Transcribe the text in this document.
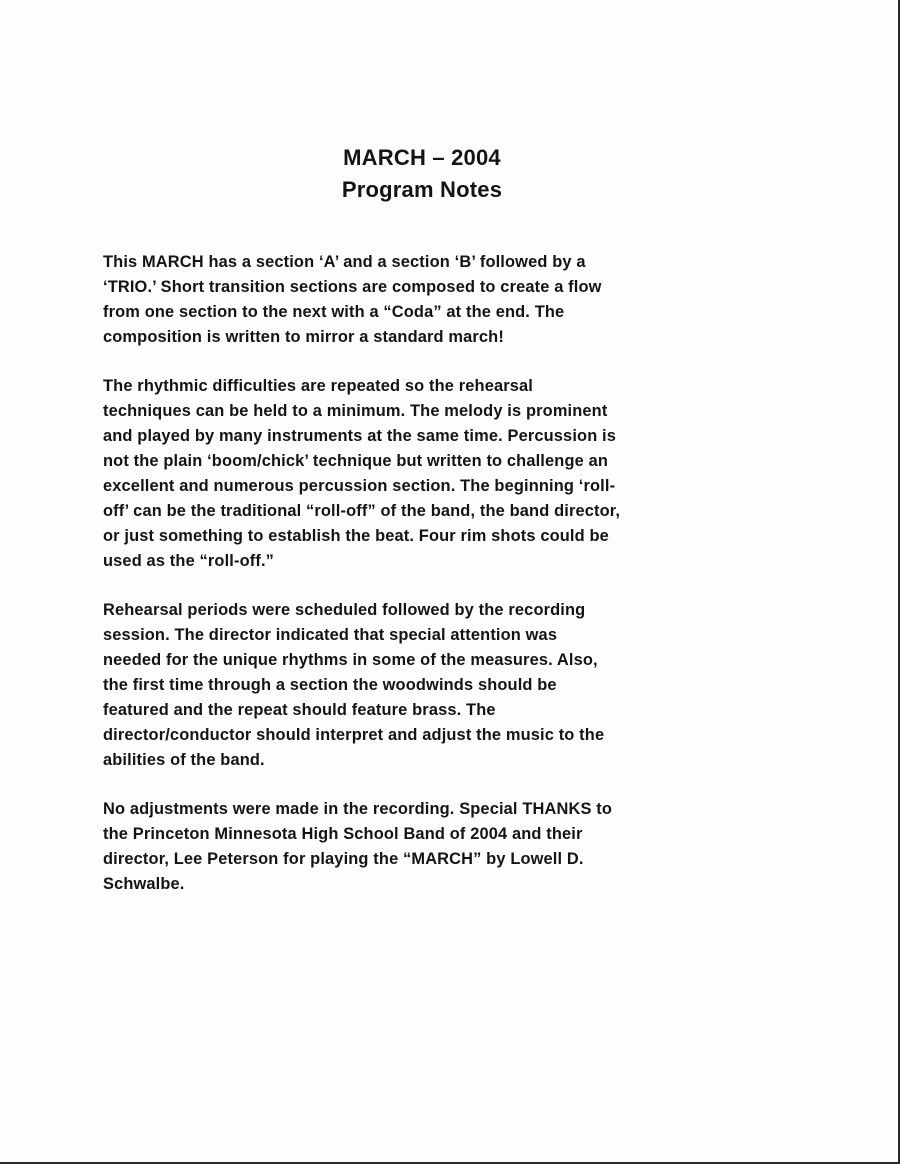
MARCH – 2004
Program Notes

This MARCH has a section ‘A’ and a section ‘B’ followed by a
‘TRIO.’ Short transition sections are composed to create a flow
from one section to the next with a “Coda” at the end. The
composition is written to mirror a standard march!

The rhythmic difficulties are repeated so the rehearsal
techniques can be held to a minimum. The melody is prominent
and played by many instruments at the same time. Percussion is
not the plain ‘boom/chick’ technique but written to challenge an
excellent and numerous percussion section. The beginning ‘roll-
off’ can be the traditional “roll-off” of the band, the band director,
or just something to establish the beat. Four rim shots could be
used as the “roll-off.”

Rehearsal periods were scheduled followed by the recording
session. The director indicated that special attention was
needed for the unique rhythms in some of the measures. Also,
the first time through a section the woodwinds should be
featured and the repeat should feature brass. The
director/conductor should interpret and adjust the music to the
abilities of the band.

No adjustments were made in the recording. Special THANKS to
the Princeton Minnesota High School Band of 2004 and their
director, Lee Peterson for playing the “MARCH” by Lowell D.
Schwalbe.
